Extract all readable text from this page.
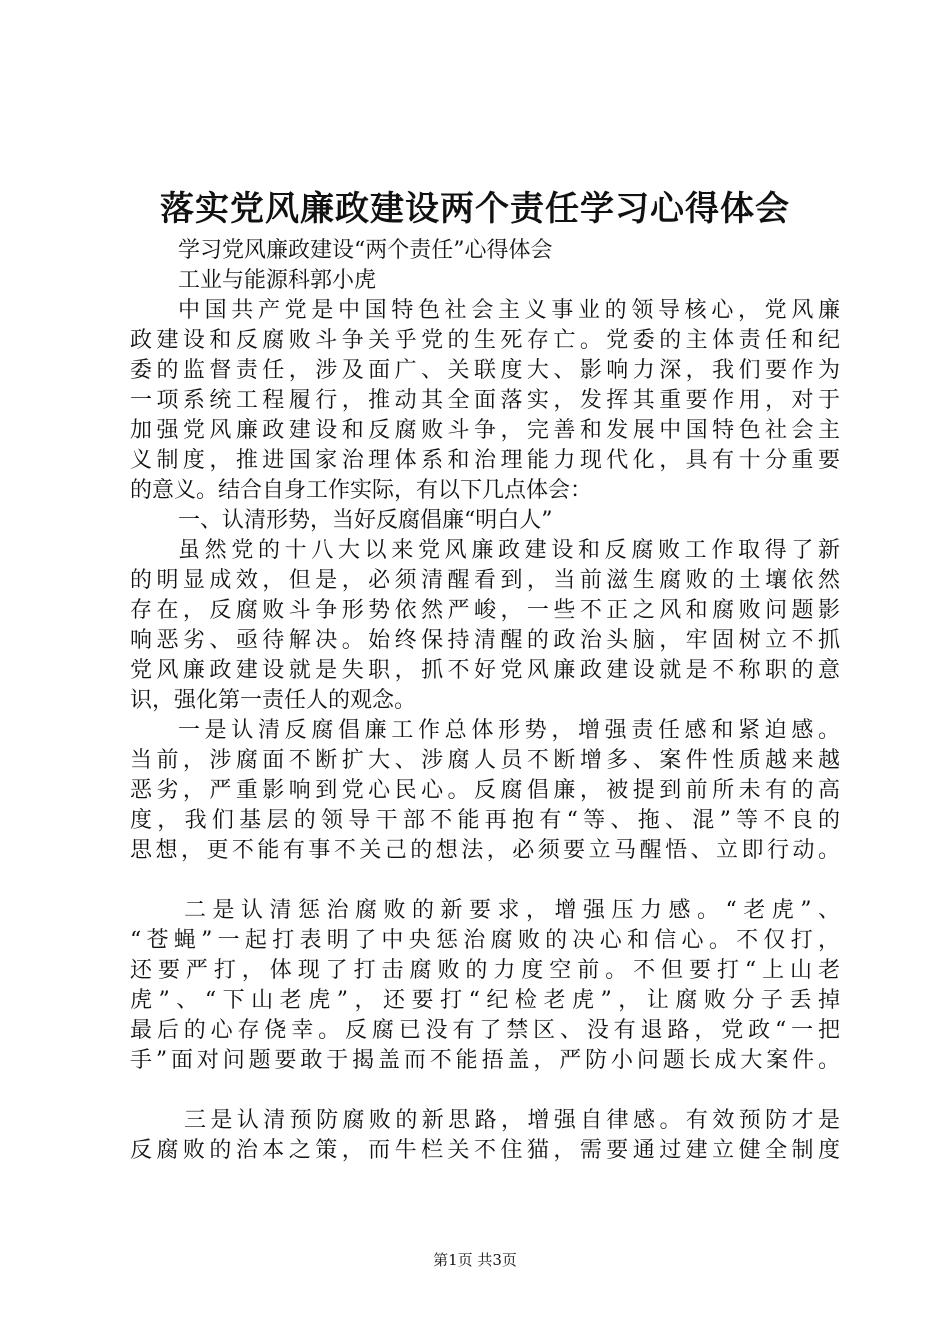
落实党风廉政建设两个责任学习心得体会
学习党风廉政建设“两个责任”心得体会
工业与能源科郭小虎
中国共产党是中国特色社会主义事业的领导核心，党风廉
政建设和反腐败斗争关乎党的生死存亡。党委的主体责任和纪
委的监督责任，涉及面广、关联度大、影响力深，我们要作为
一项系统工程履行，推动其全面落实，发挥其重要作用，对于
加强党风廉政建设和反腐败斗争，完善和发展中国特色社会主
义制度，推进国家治理体系和治理能力现代化，具有十分重要
的意义。结合自身工作实际，有以下几点体会：
一、认清形势，当好反腐倡廉“明白人”
虽然党的十八大以来党风廉政建设和反腐败工作取得了新
的明显成效，但是，必须清醒看到，当前滋生腐败的土壤依然
存在，反腐败斗争形势依然严峻，一些不正之风和腐败问题影
响恶劣、亟待解决。始终保持清醒的政治头脑，牢固树立不抓
党风廉政建设就是失职，抓不好党风廉政建设就是不称职的意
识，强化第一责任人的观念。
一是认清反腐倡廉工作总体形势，增强责任感和紧迫感。
当前，涉腐面不断扩大、涉腐人员不断增多、案件性质越来越
恶劣，严重影响到党心民心。反腐倡廉，被提到前所未有的高
度，我们基层的领导干部不能再抱有“等、拖、混”等不良的
思想，更不能有事不关己的想法，必须要立马醒悟、立即行动。
二是认清惩治腐败的新要求，增强压力感。“老虎”、
“苍蝇”一起打表明了中央惩治腐败的决心和信心。不仅打，
还要严打，体现了打击腐败的力度空前。不但要打“上山老
虎”、“下山老虎”，还要打“纪检老虎”，让腐败分子丢掉
最后的心存侥幸。反腐已没有了禁区、没有退路，党政“一把
手”面对问题要敢于揭盖而不能捂盖，严防小问题长成大案件。
三是认清预防腐败的新思路，增强自律感。有效预防才是
反腐败的治本之策，而牛栏关不住猫，需要通过建立健全制度
第1页 共3页
